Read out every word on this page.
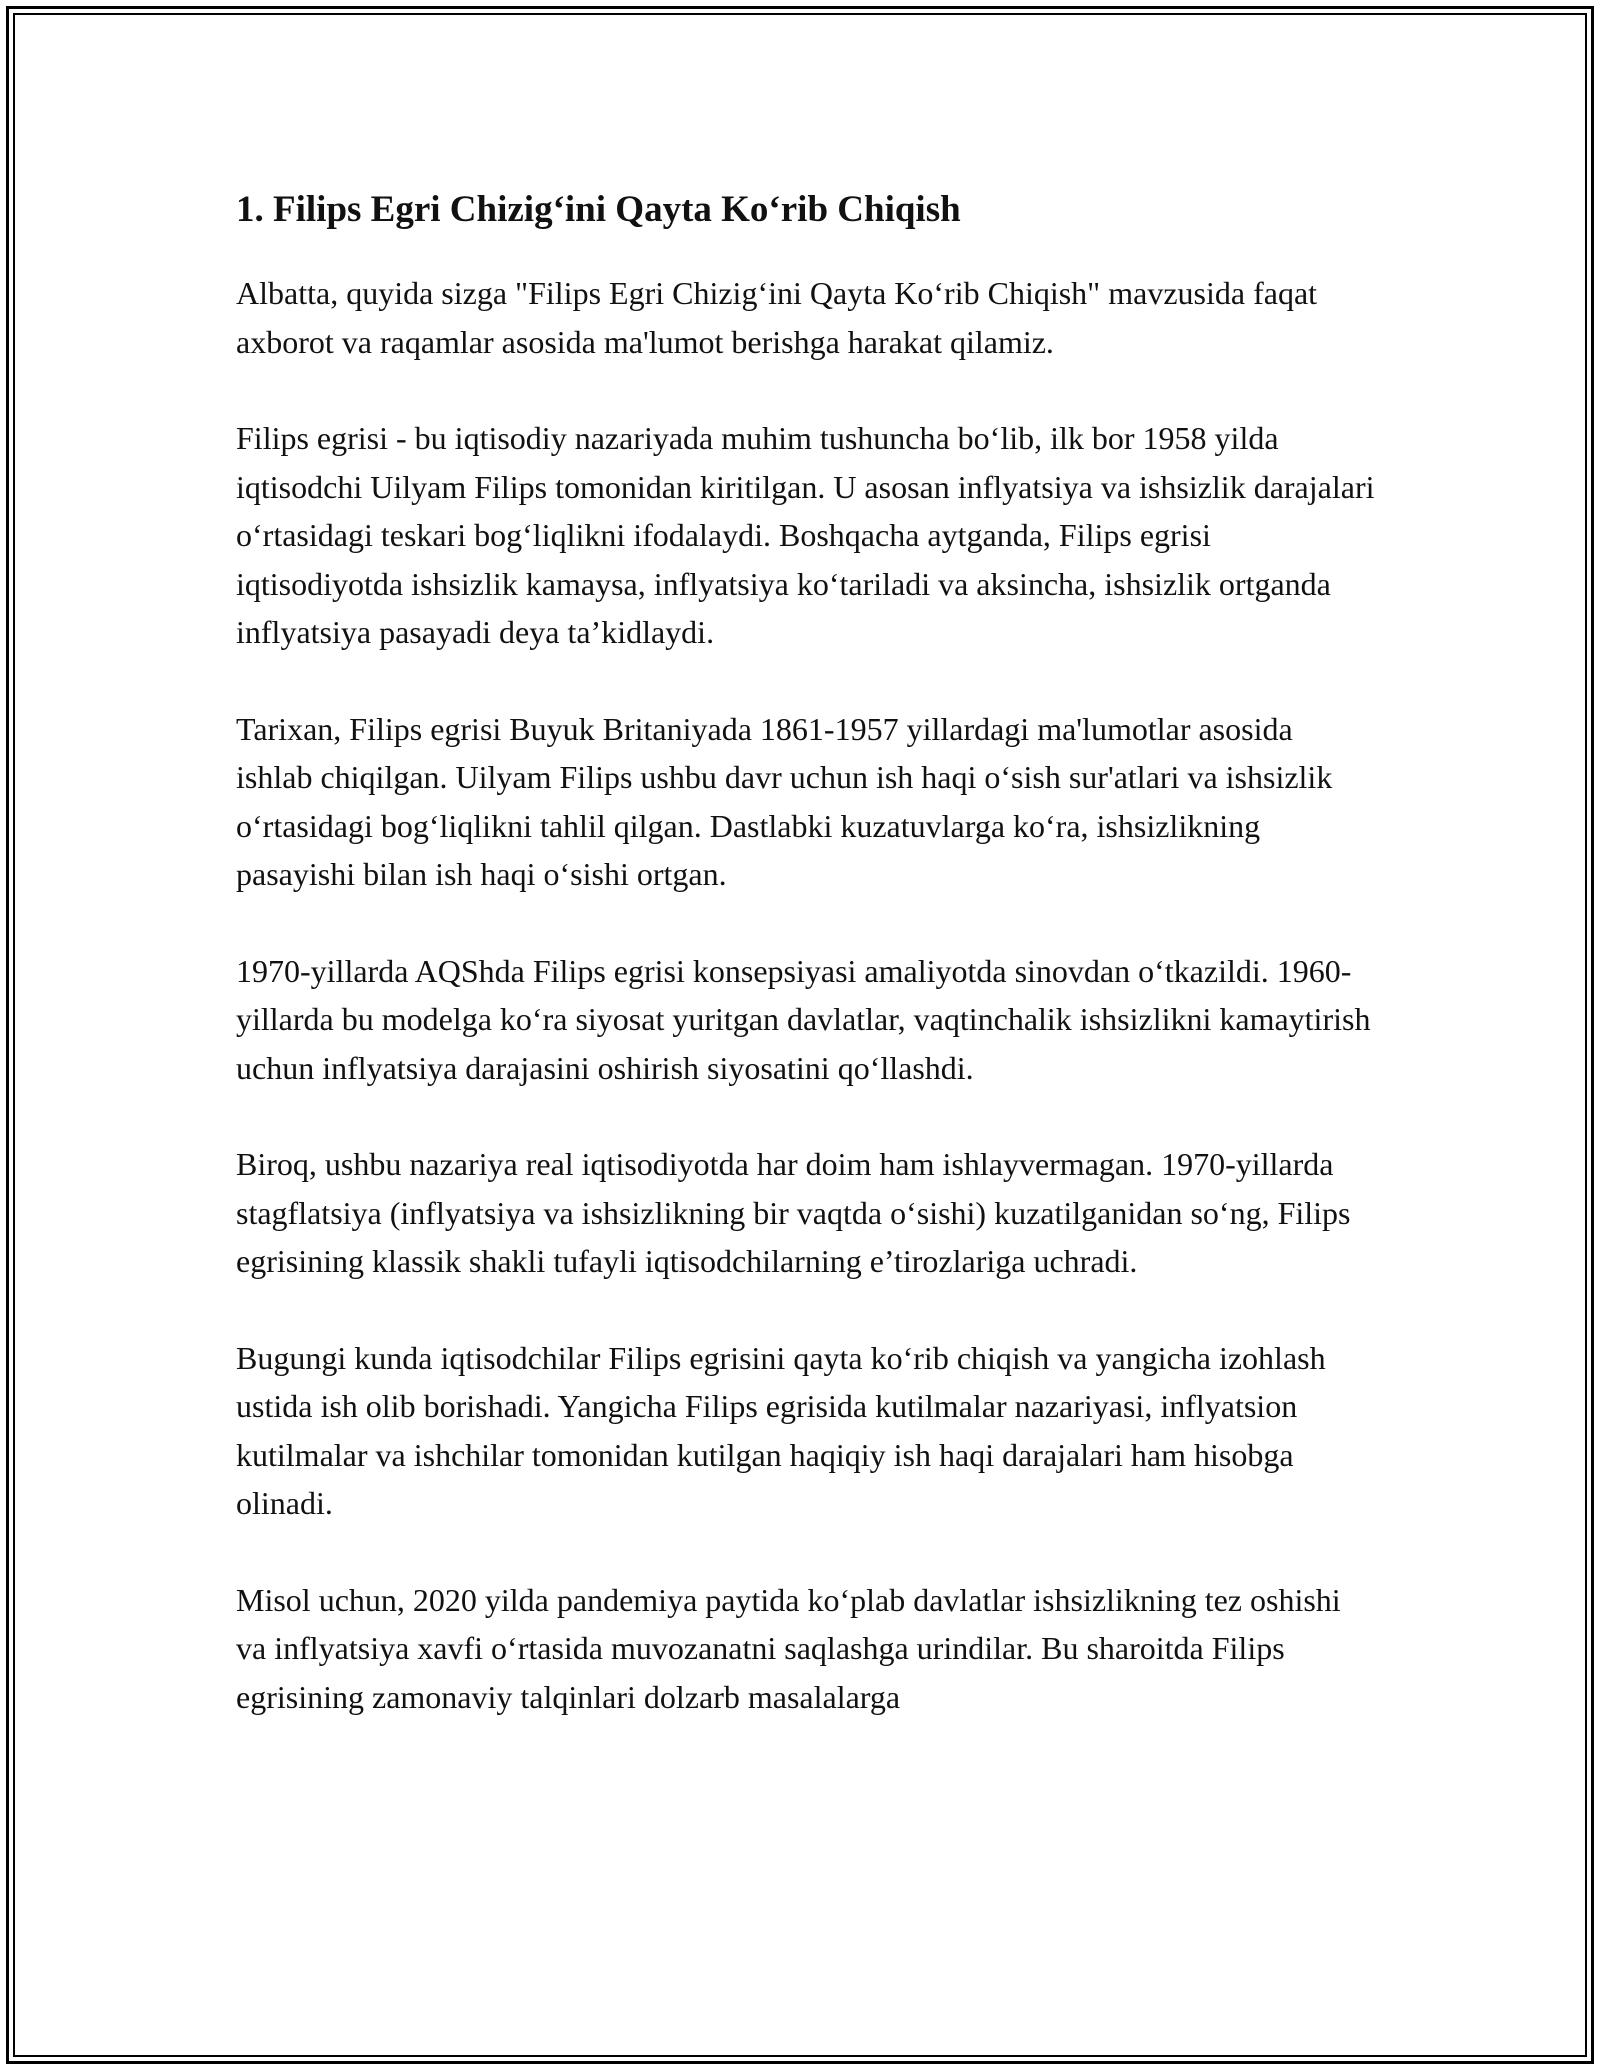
1. Filips Egri Chizig‘ini Qayta Ko‘rib Chiqish

Albatta, quyida sizga "Filips Egri Chizig‘ini Qayta Ko‘rib Chiqish" mavzusida faqat axborot va raqamlar asosida ma'lumot berishga harakat qilamiz.

Filips egrisi - bu iqtisodiy nazariyada muhim tushuncha bo‘lib, ilk bor 1958 yilda iqtisodchi Uilyam Filips tomonidan kiritilgan. U asosan inflyatsiya va ishsizlik darajalari o‘rtasidagi teskari bog‘liqlikni ifodalaydi. Boshqacha aytganda, Filips egrisi iqtisodiyotda ishsizlik kamaysa, inflyatsiya ko‘tariladi va aksincha, ishsizlik ortganda inflyatsiya pasayadi deya ta’kidlaydi.

Tarixan, Filips egrisi Buyuk Britaniyada 1861-1957 yillardagi ma'lumotlar asosida ishlab chiqilgan. Uilyam Filips ushbu davr uchun ish haqi o‘sish sur'atlari va ishsizlik o‘rtasidagi bog‘liqlikni tahlil qilgan. Dastlabki kuzatuvlarga ko‘ra, ishsizlikning pasayishi bilan ish haqi o‘sishi ortgan.

1970-yillarda AQShda Filips egrisi konsepsiyasi amaliyotda sinovdan o‘tkazildi. 1960-yillarda bu modelga ko‘ra siyosat yuritgan davlatlar, vaqtinchalik ishsizlikni kamaytirish uchun inflyatsiya darajasini oshirish siyosatini qo‘llashdi.

Biroq, ushbu nazariya real iqtisodiyotda har doim ham ishlayvermagan. 1970-yillarda stagflatsiya (inflyatsiya va ishsizlikning bir vaqtda o‘sishi) kuzatilganidan so‘ng, Filips egrisining klassik shakli tufayli iqtisodchilarning e’tirozlariga uchradi.

Bugungi kunda iqtisodchilar Filips egrisini qayta ko‘rib chiqish va yangicha izohlash ustida ish olib borishadi. Yangicha Filips egrisida kutilmalar nazariyasi, inflyatsion kutilmalar va ishchilar tomonidan kutilgan haqiqiy ish haqi darajalari ham hisobga olinadi.

Misol uchun, 2020 yilda pandemiya paytida ko‘plab davlatlar ishsizlikning tez oshishi va inflyatsiya xavfi o‘rtasida muvozanatni saqlashga urindilar. Bu sharoitda Filips egrisining zamonaviy talqinlari dolzarb masalalarga
